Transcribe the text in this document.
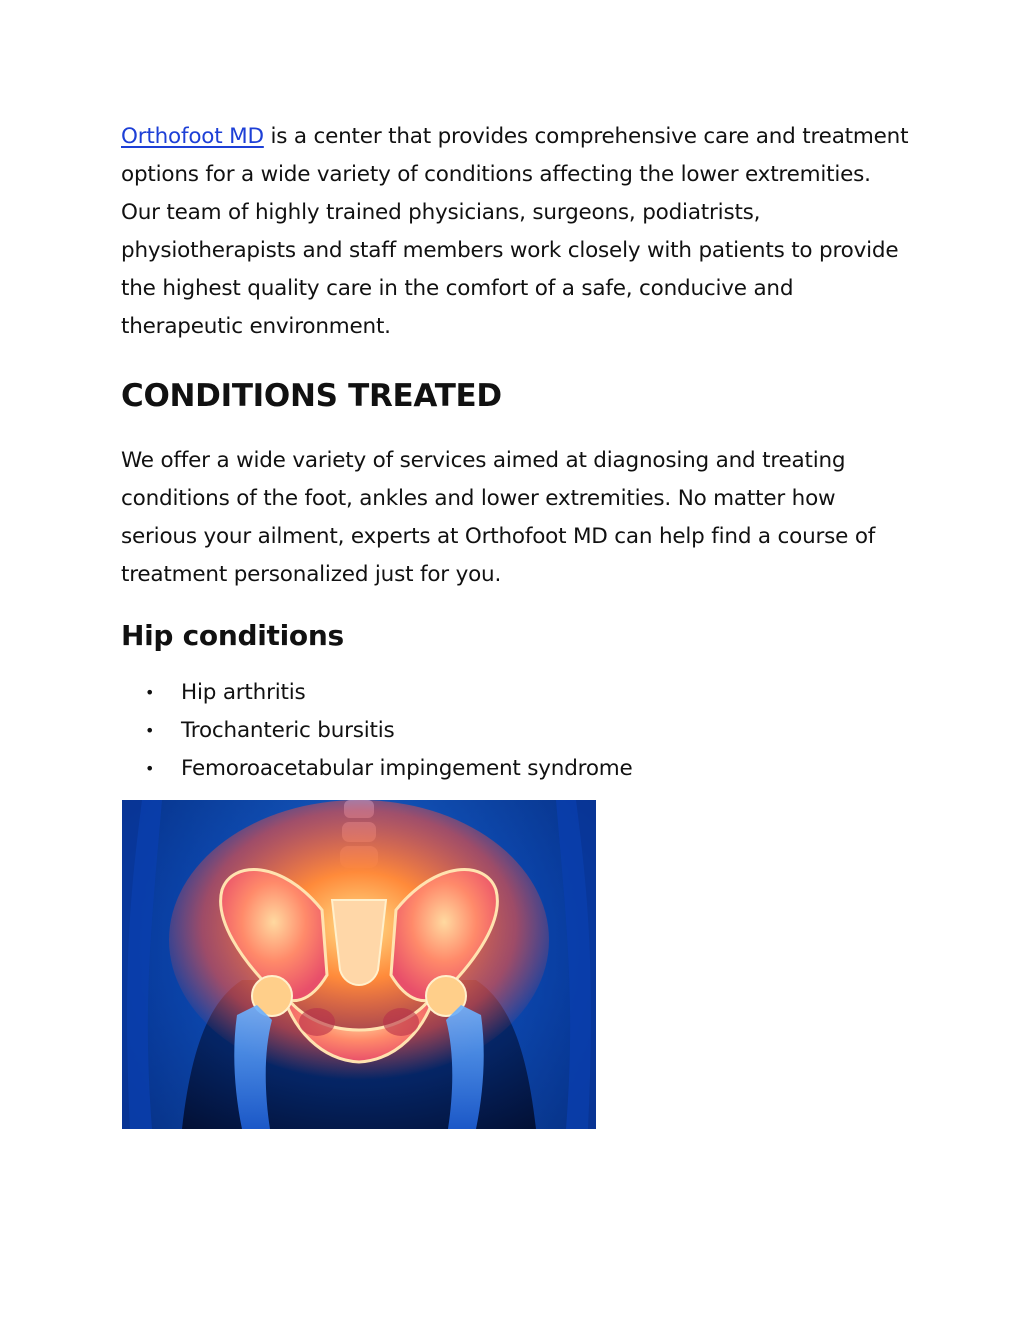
Orthofoot MD is a center that provides comprehensive care and treatment options for a wide variety of conditions affecting the lower extremities. Our team of highly trained physicians, surgeons, podiatrists, physiotherapists and staff members work closely with patients to provide the highest quality care in the comfort of a safe, conducive and therapeutic environment.

CONDITIONS TREATED

We offer a wide variety of services aimed at diagnosing and treating conditions of the foot, ankles and lower extremities. No matter how serious your ailment, experts at Orthofoot MD can help find a course of treatment personalized just for you.

Hip conditions
• Hip arthritis
• Trochanteric bursitis
• Femoroacetabular impingement syndrome
